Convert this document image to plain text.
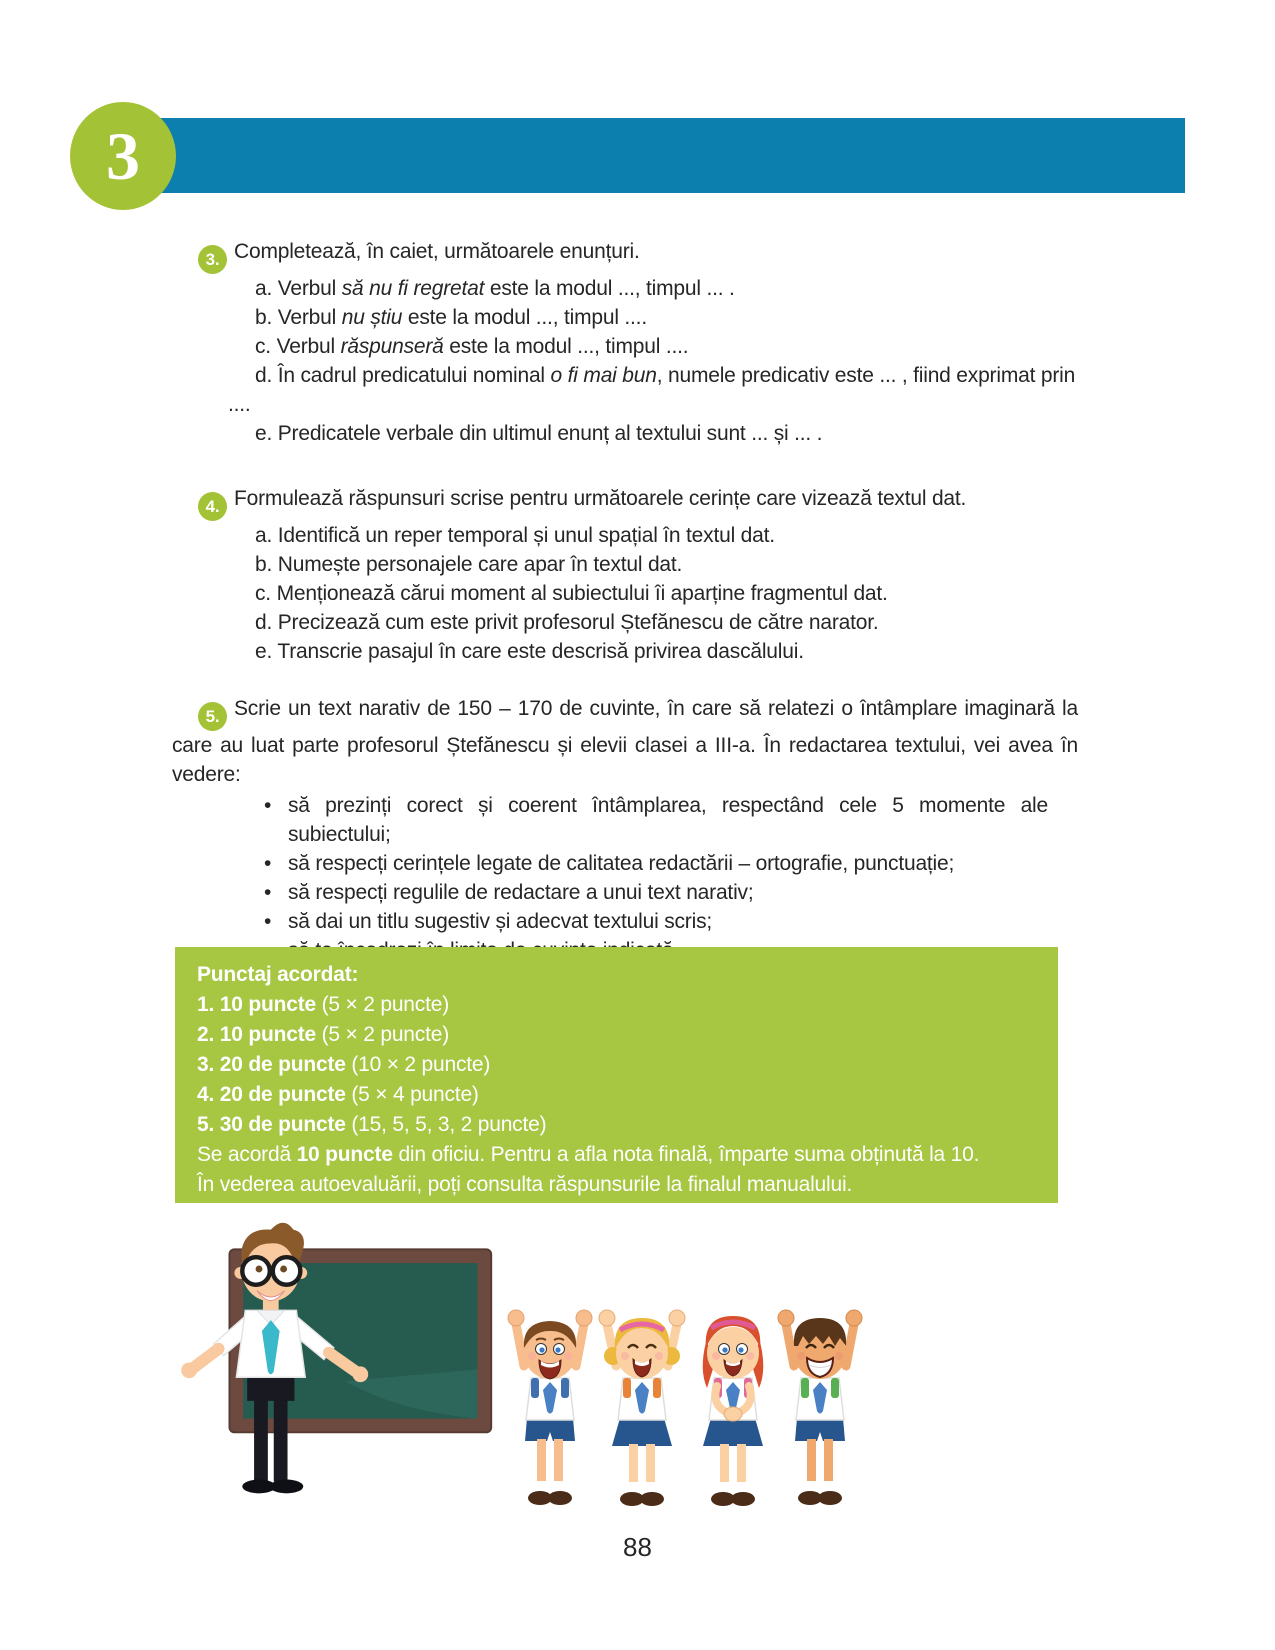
3

3. Completează, în caiet, următoarele enunțuri.

a. Verbul să nu fi regretat este la modul ..., timpul ... .

b. Verbul nu știu este la modul ..., timpul ....

c. Verbul răspunseră este la modul ..., timpul ....

d. În cadrul predicatului nominal o fi mai bun, numele predicativ este ... , fiind exprimat prin ....

e. Predicatele verbale din ultimul enunț al textului sunt ... și ... .

4. Formulează răspunsuri scrise pentru următoarele cerințe care vizează textul dat.

a. Identifică un reper temporal și unul spațial în textul dat.

b. Numește personajele care apar în textul dat.

c. Menționează cărui moment al subiectului îi aparține fragmentul dat.

d. Precizează cum este privit profesorul Ștefănescu de către narator.

e. Transcrie pasajul în care este descrisă privirea dascălului.

5. Scrie un text narativ de 150 – 170 de cuvinte, în care să relatezi o întâmplare imaginară la care au luat parte profesorul Ștefănescu și elevii clasei a III-a. În redactarea textului, vei avea în vedere:

• să prezinți corect și coerent întâmplarea, respectând cele 5 momente ale subiectului;
• să respecți cerințele legate de calitatea redactării – ortografie, punctuație;
• să respecți regulile de redactare a unui text narativ;
• să dai un titlu sugestiv și adecvat textului scris;
•

Punctaj acordat:

1. 10 puncte (5 × 2 puncte)

2. 10 puncte (5 × 2 puncte)

3. 20 de puncte (10 × 2 puncte)

4. 20 de puncte (5 × 4 puncte)

5. 30 de puncte (15, 5, 5, 3, 2 puncte)

Se acordă 10 puncte din oficiu. Pentru a afla nota finală, împarte suma obținută la 10.

În vederea autoevaluării, poți consulta răspunsurile la finalul manualului.

88
